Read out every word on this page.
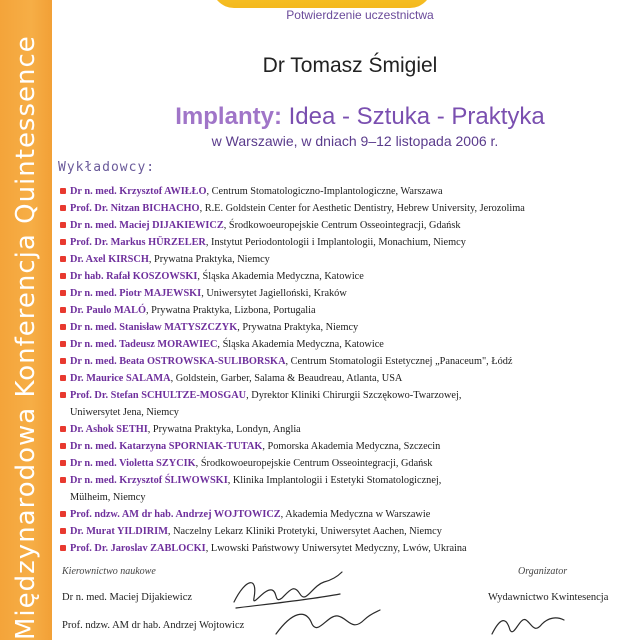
Międzynarodowa Konferencja Quintessence
Potwierdzenie uczestnictwa
Dr Tomasz Śmigiel
Implanty: Idea - Sztuka - Praktyka
w Warszawie, w dniach 9–12 listopada 2006 r.
Wykładowcy:
Dr n. med. Krzysztof AWIŁŁO, Centrum Stomatologiczno-Implantologiczne, Warszawa
Prof. Dr. Nitzan BICHACHO, R.E. Goldstein Center for Aesthetic Dentistry, Hebrew University, Jerozolima
Dr n. med. Maciej DIJAKIEWICZ, Środkowoeuropejskie Centrum Osseointegracji, Gdańsk
Prof. Dr. Markus HÜRZELER, Instytut Periodontologii i Implantologii, Monachium, Niemcy
Dr. Axel KIRSCH, Prywatna Praktyka, Niemcy
Dr hab. Rafał KOSZOWSKI, Śląska Akademia Medyczna, Katowice
Dr n. med. Piotr MAJEWSKI, Uniwersytet Jagielloński, Kraków
Dr. Paulo MALÓ, Prywatna Praktyka, Lizbona, Portugalia
Dr n. med. Stanisław MATYSZCZYK, Prywatna Praktyka, Niemcy
Dr n. med. Tadeusz MORAWIEC, Śląska Akademia Medyczna, Katowice
Dr n. med. Beata OSTROWSKA-SULIBORSKA, Centrum Stomatologii Estetycznej „Panaceum", Łódź
Dr. Maurice SALAMA, Goldstein, Garber, Salama & Beaudreau, Atlanta, USA
Prof. Dr. Stefan SCHULTZE-MOSGAU, Dyrektor Kliniki Chirurgii Szczękowo-Twarzowej,
Uniwersytet Jena, Niemcy
Dr. Ashok SETHI, Prywatna Praktyka, Londyn, Anglia
Dr n. med. Katarzyna SPORNIAK-TUTAK, Pomorska Akademia Medyczna, Szczecin
Dr n. med. Violetta SZYCIK, Środkowoeuropejskie Centrum Osseointegracji, Gdańsk
Dr n. med. Krzysztof ŚLIWOWSKI, Klinika Implantologii i Estetyki Stomatologicznej,
Mülheim, Niemcy
Prof. ndzw. AM dr hab. Andrzej WOJTOWICZ, Akademia Medyczna w Warszawie
Dr. Murat YILDIRIM, Naczelny Lekarz Kliniki Protetyki, Uniwersytet Aachen, Niemcy
Prof. Dr. Jaroslav ZABLOCKI, Lwowski Państwowy Uniwersytet Medyczny, Lwów, Ukraina
Kierownictwo naukowe
Dr n. med. Maciej Dijakiewicz
Prof. ndzw. AM dr hab. Andrzej Wojtowicz
Organizator
Wydawnictwo Kwintesencja
